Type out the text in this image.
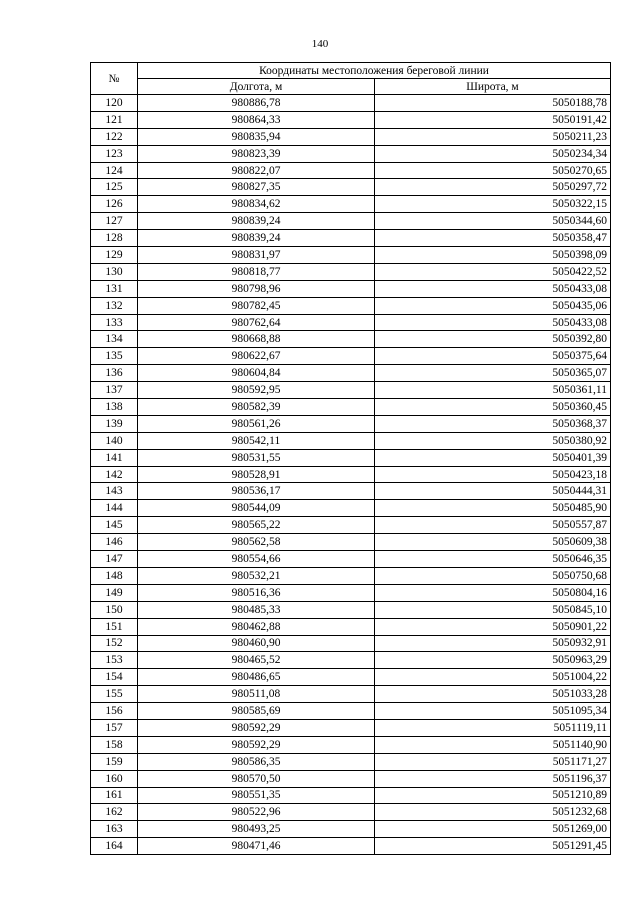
140
№	Координаты местоположения береговой линии	
	Долгота, м	Широта, м
120	980886,78	5050188,78
121	980864,33	5050191,42
122	980835,94	5050211,23
123	980823,39	5050234,34
124	980822,07	5050270,65
125	980827,35	5050297,72
126	980834,62	5050322,15
127	980839,24	5050344,60
128	980839,24	5050358,47
129	980831,97	5050398,09
130	980818,77	5050422,52
131	980798,96	5050433,08
132	980782,45	5050435,06
133	980762,64	5050433,08
134	980668,88	5050392,80
135	980622,67	5050375,64
136	980604,84	5050365,07
137	980592,95	5050361,11
138	980582,39	5050360,45
139	980561,26	5050368,37
140	980542,11	5050380,92
141	980531,55	5050401,39
142	980528,91	5050423,18
143	980536,17	5050444,31
144	980544,09	5050485,90
145	980565,22	5050557,87
146	980562,58	5050609,38
147	980554,66	5050646,35
148	980532,21	5050750,68
149	980516,36	5050804,16
150	980485,33	5050845,10
151	980462,88	5050901,22
152	980460,90	5050932,91
153	980465,52	5050963,29
154	980486,65	5051004,22
155	980511,08	5051033,28
156	980585,69	5051095,34
157	980592,29	5051119,11
158	980592,29	5051140,90
159	980586,35	5051171,27
160	980570,50	5051196,37
161	980551,35	5051210,89
162	980522,96	5051232,68
163	980493,25	5051269,00
164	980471,46	5051291,45
